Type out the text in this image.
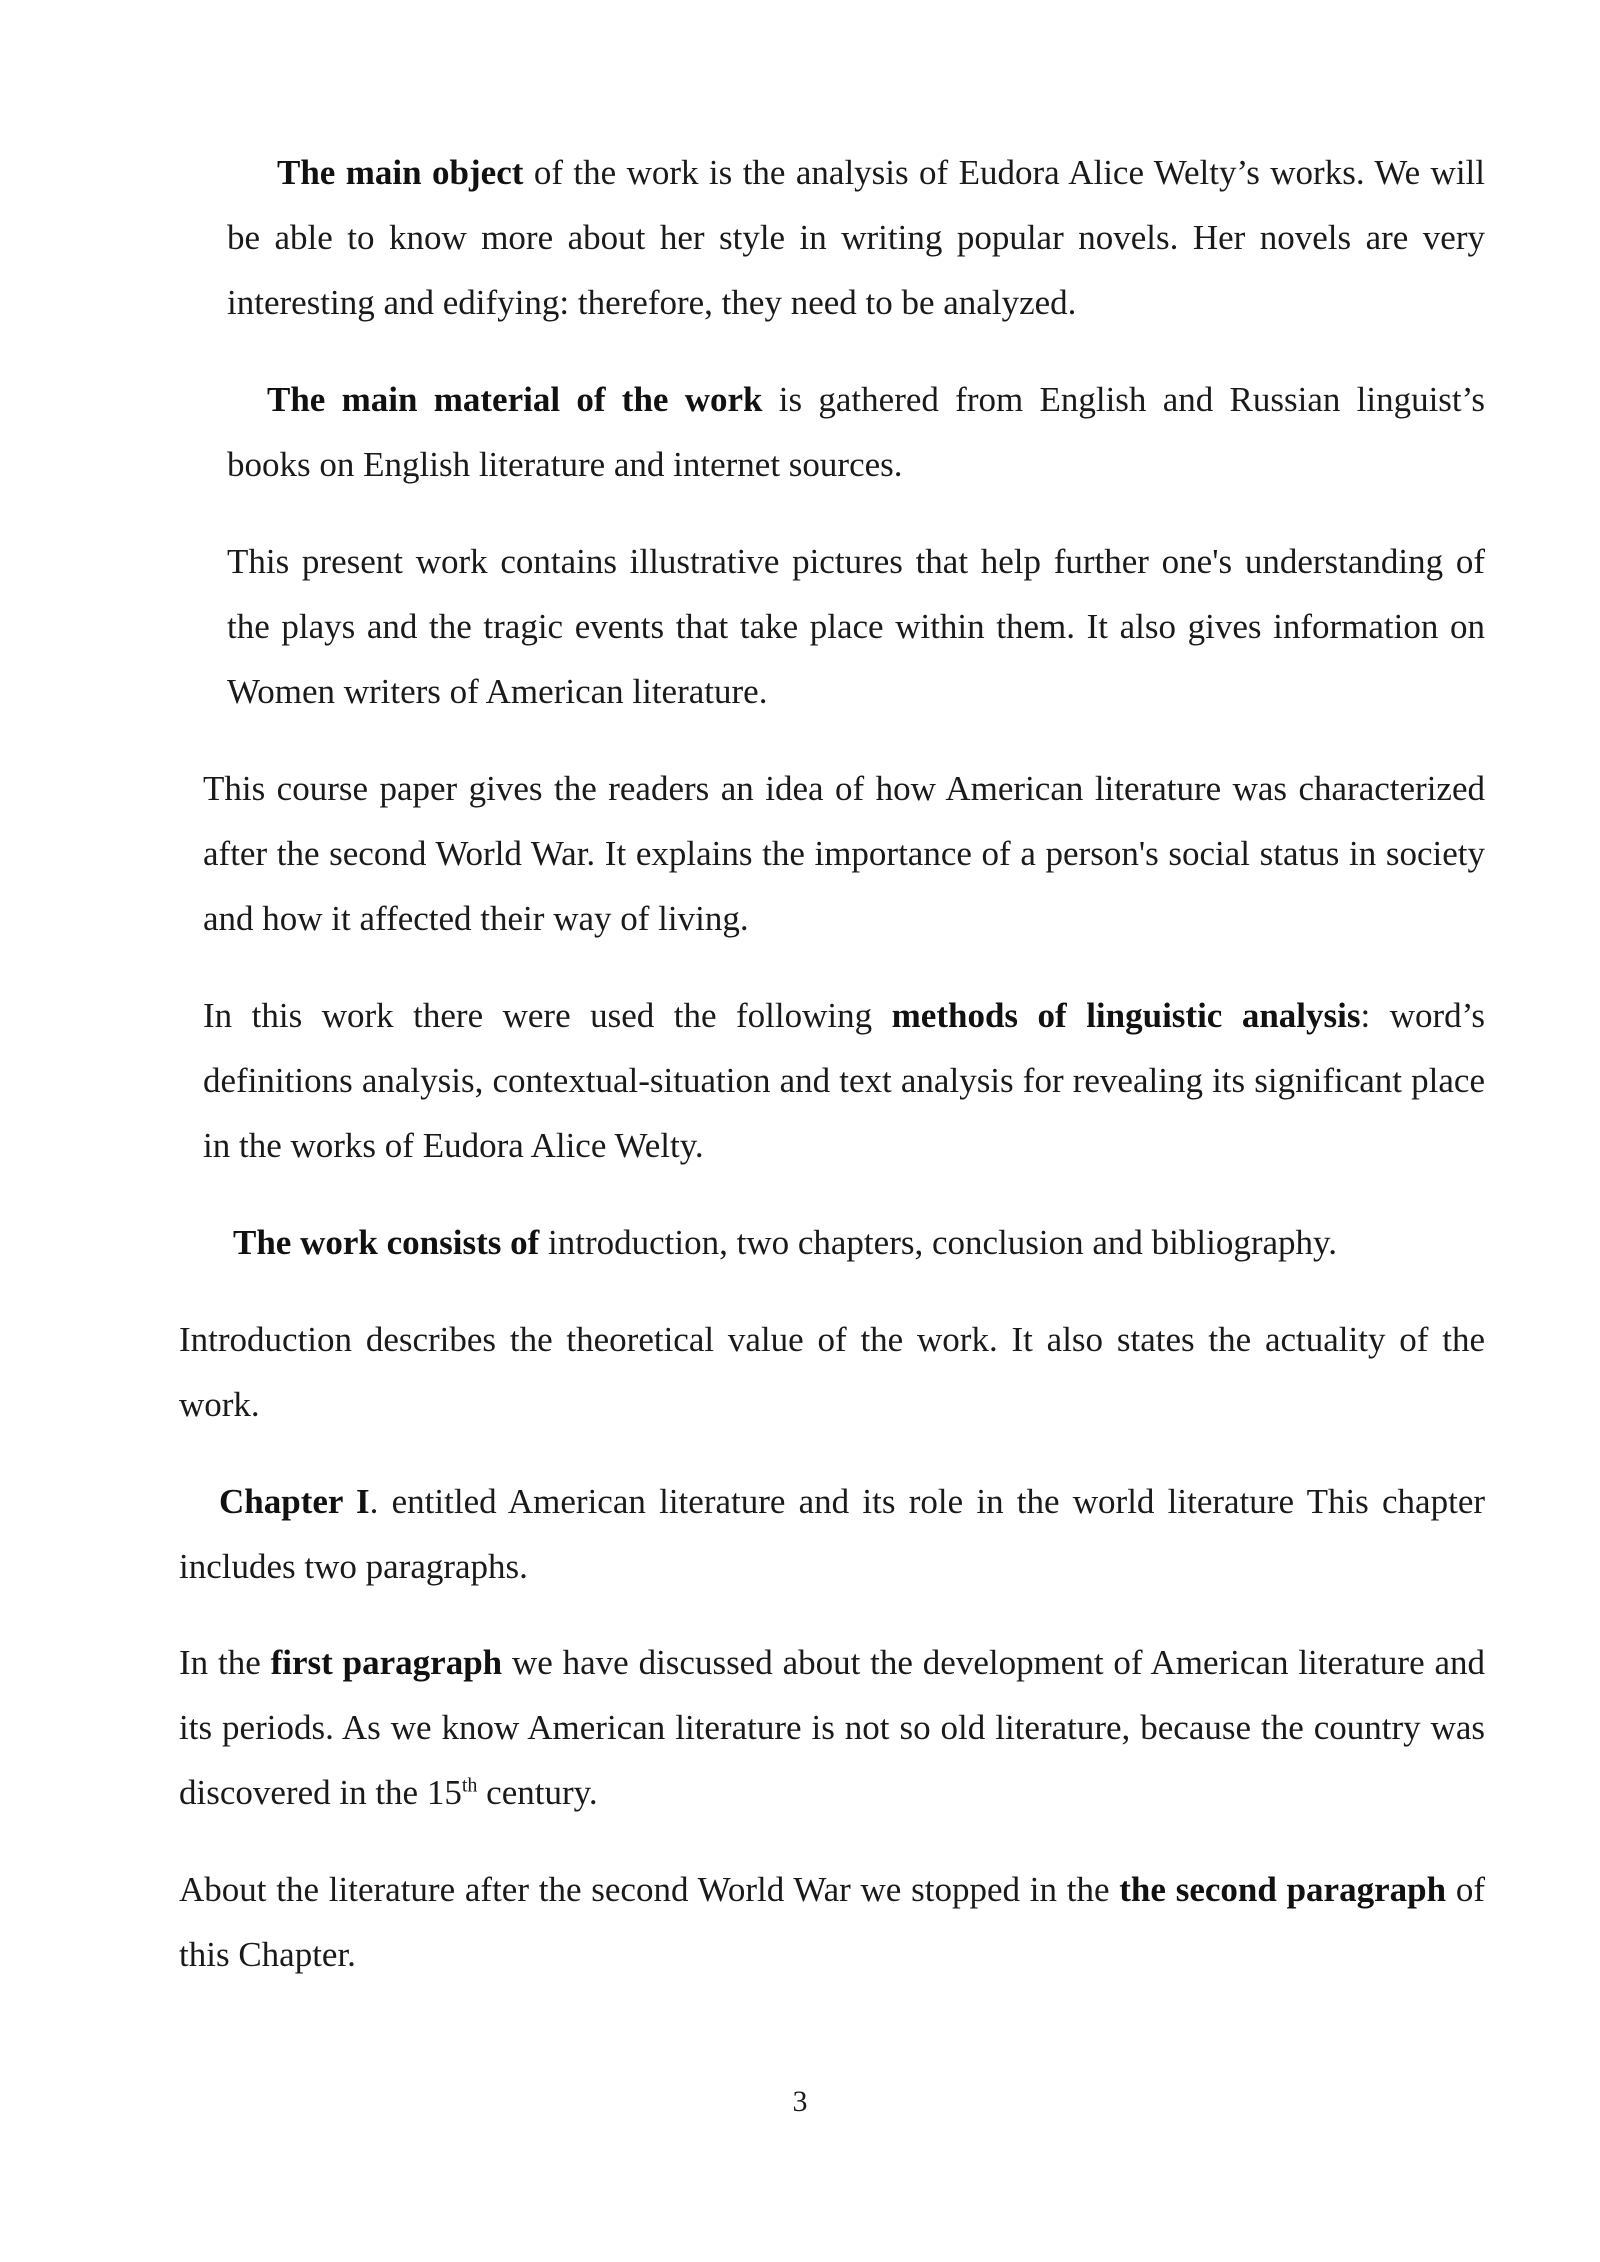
The main object of the work is the analysis of Eudora Alice Welty’s works. We will be able to know more about her style in writing popular novels. Her novels are very interesting and edifying: therefore, they need to be analyzed.

The main material of the work is gathered from English and Russian linguist’s books on English literature and internet sources.

This present work contains illustrative pictures that help further one's understanding of the plays and the tragic events that take place within them. It also gives information on Women writers of American literature.

This course paper gives the readers an idea of how American literature was characterized after the second World War. It explains the importance of a person's social status in society and how it affected their way of living.

In this work there were used the following methods of linguistic analysis: word’s definitions analysis, contextual-situation and text analysis for revealing its significant place in the works of Eudora Alice Welty.

The work consists of introduction, two chapters, conclusion and bibliography.

Introduction describes the theoretical value of the work. It also states the actuality of the work.

Chapter I. entitled American literature and its role in the world literature This chapter includes two paragraphs.

In the first paragraph we have discussed about the development of American literature and its periods. As we know American literature is not so old literature, because the country was discovered in the 15th century.

About the literature after the second World War we stopped in the the second paragraph of this Chapter.

3
